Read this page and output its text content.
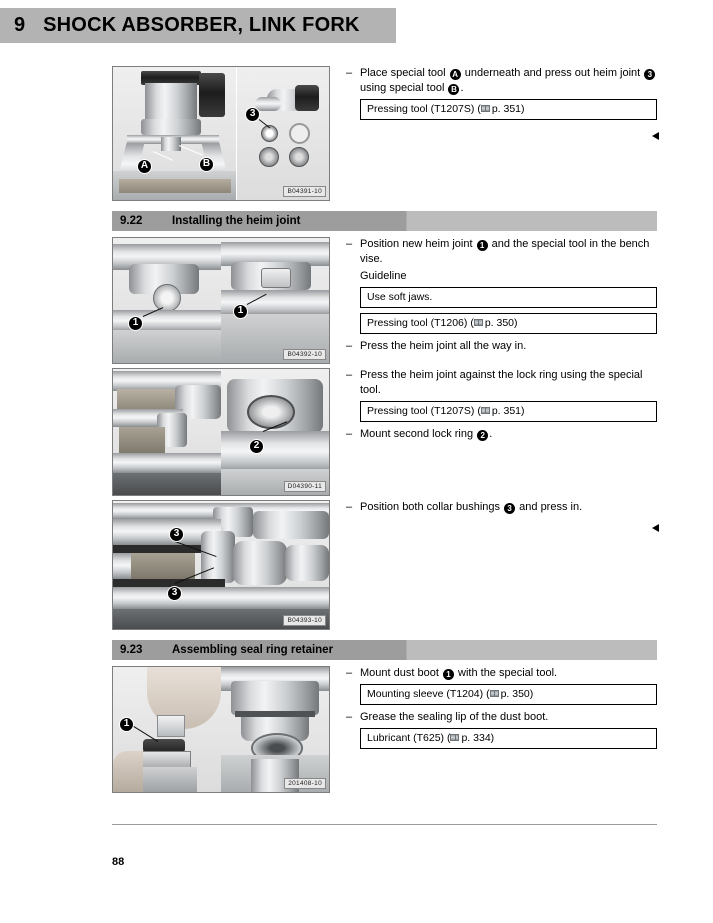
9 SHOCK ABSORBER, LINK FORK
A	B
3
B04391-10
– Place special tool A underneath and press out heim joint 3 using special tool B .
Pressing tool (T1207S) ( p. 351)
9.22	Installing the heim joint
1
1
B04392-10
– Position new heim joint 1 and the special tool in the bench vise.
Guideline
Use soft jaws.
Pressing tool (T1206) ( p. 350)
– Press the heim joint all the way in.
2
D04390-11
– Press the heim joint against the lock ring using the special tool.
Pressing tool (T1207S) ( p. 351)
– Mount second lock ring 2 .
3
3
B04393-10
– Position both collar bushings 3 and press in.
9.23	Assembling seal ring retainer
1
201408-10
– Mount dust boot 1 with the special tool.
Mounting sleeve (T1204) ( p. 350)
– Grease the sealing lip of the dust boot.
Lubricant (T625) ( p. 334)
88
